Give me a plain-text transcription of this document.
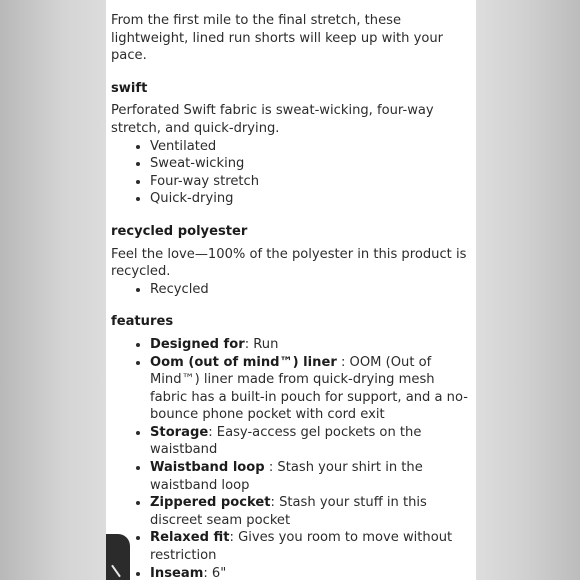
From the first mile to the final stretch, these lightweight, lined run shorts will keep up with your pace.

swift

Perforated Swift fabric is sweat-wicking, four-way stretch, and quick-drying.

• Ventilated
• Sweat-wicking
• Four-way stretch
• Quick-drying
recycled polyester

Feel the love—100% of the polyester in this product is recycled.

• Recycled
features
• Designed for: Run
• Oom (out of mind™) liner : OOM (Out of Mind™) liner made from quick-drying mesh fabric has a built-in pouch for support, and a no-bounce phone pocket with cord exit
• Storage: Easy-access gel pockets on the waistband
• Waistband loop : Stash your shirt in the waistband loop
• Zippered pocket: Stash your stuff in this discreet seam pocket
• Relaxed fit: Gives you room to move without restriction
• Inseam: 6"
